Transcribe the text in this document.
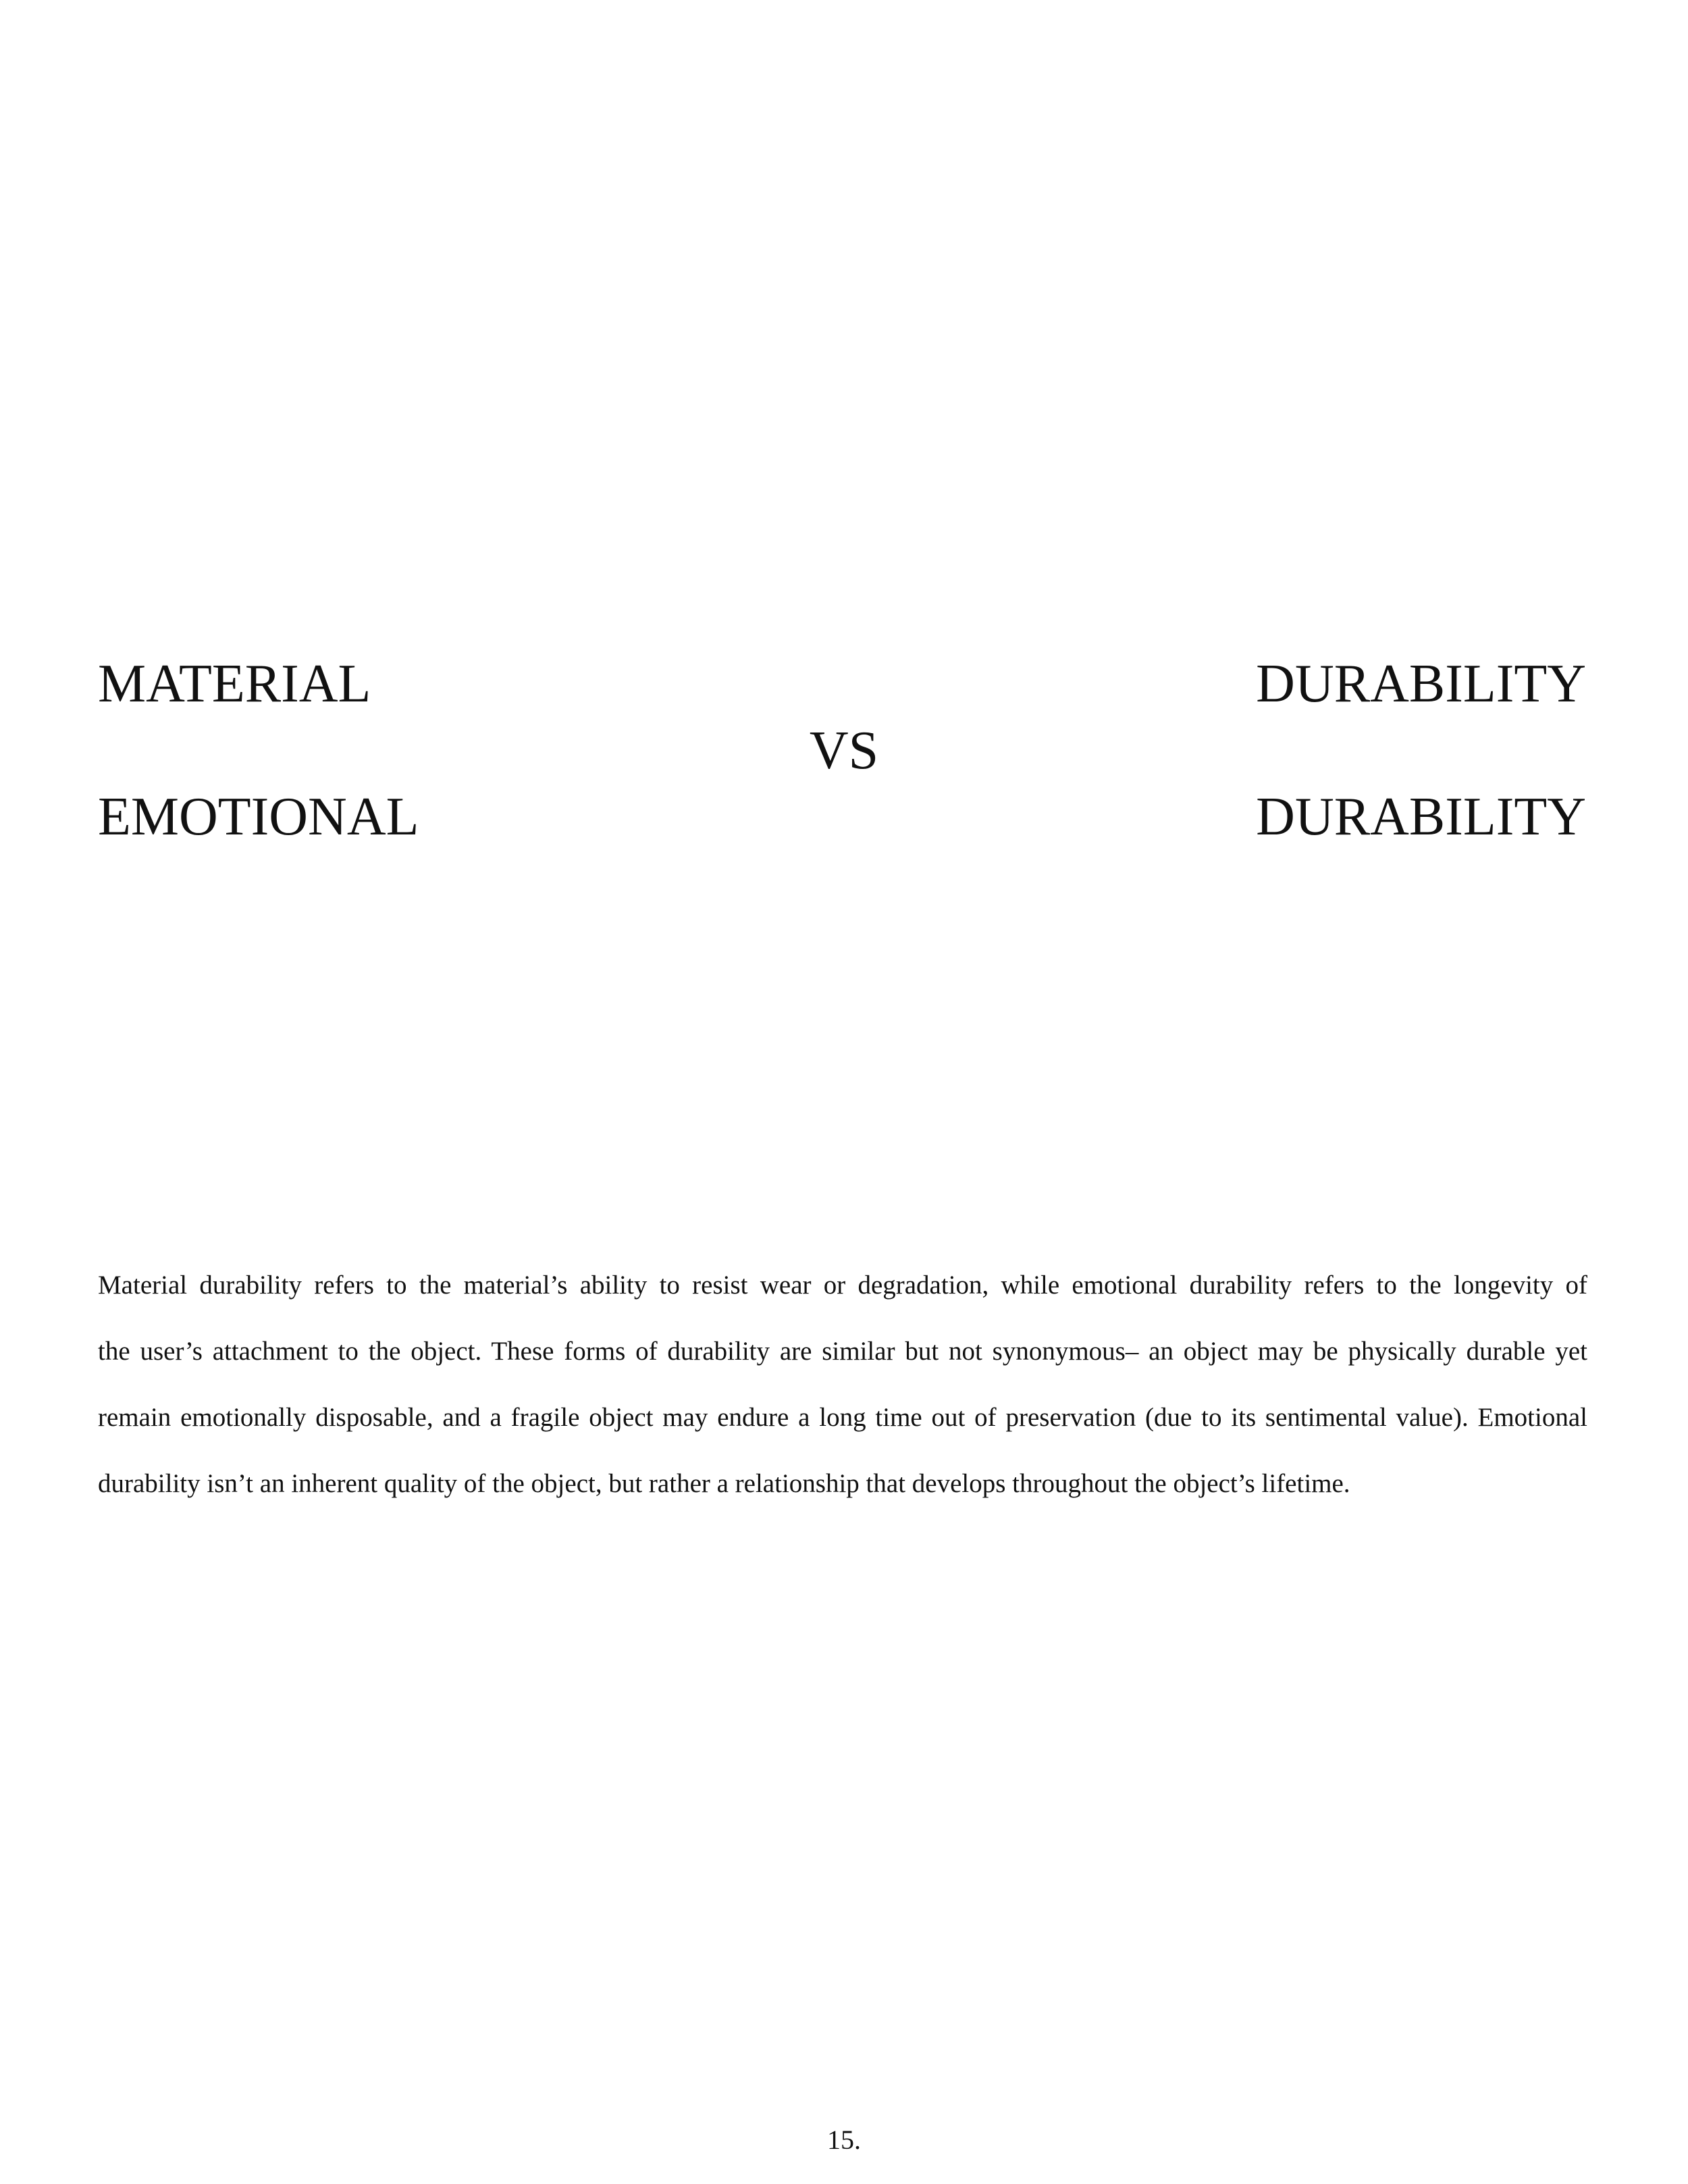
MATERIAL	DURABILITY
VS
EMOTIONAL	DURABILITY
Material durability refers to the material’s ability to resist wear or degradation, while emotional durability refers to the longevity of
the user’s attachment to the object. These forms of durability are similar but not synonymous– an object may be physically durable yet
remain emotionally disposable, and a fragile object may endure a long time out of preservation (due to its sentimental value). Emotional
durability isn’t an inherent quality of the object, but rather a relationship that develops throughout the object’s lifetime.
15.
